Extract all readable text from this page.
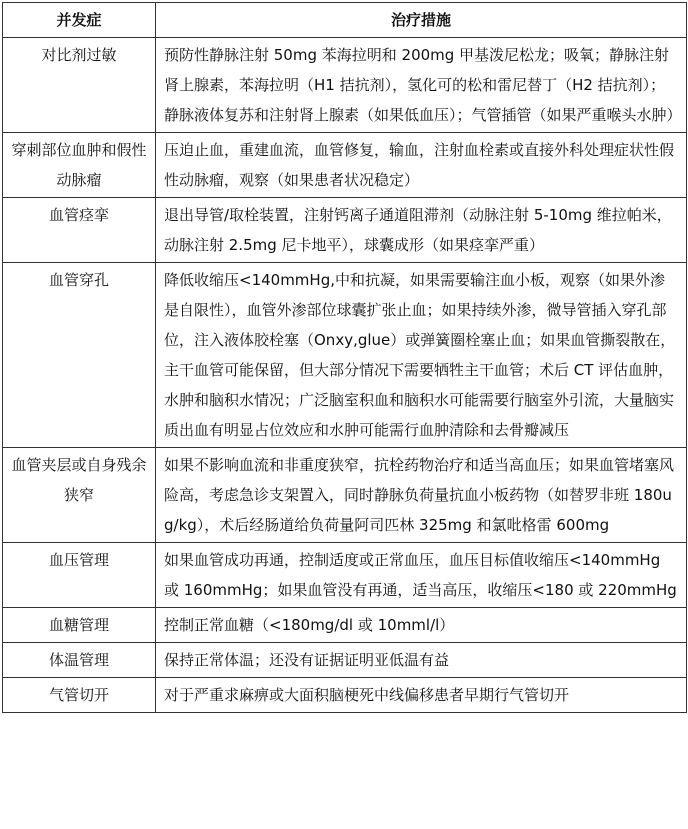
并发症	治疗措施
对比剂过敏	预防性静脉注射 50mg 苯海拉明和 200mg 甲基泼尼松龙；吸氧；静脉注射肾上腺素，苯海拉明（H1 拮抗剂），氢化可的松和雷尼替丁（H2 拮抗剂）；静脉液体复苏和注射肾上腺素（如果低血压）；气管插管（如果严重喉头水肿）
穿刺部位血肿和假性动脉瘤	压迫止血，重建血流，血管修复，输血，注射血栓素或直接外科处理症状性假性动脉瘤，观察（如果患者状况稳定）
血管痉挛	退出导管/取栓装置，注射钙离子通道阻滞剂（动脉注射 5-10mg 维拉帕米，动脉注射 2.5mg 尼卡地平），球囊成形（如果痉挛严重）
血管穿孔	降低收缩压<140mmHg,中和抗凝，如果需要输注血小板，观察（如果外渗是自限性），血管外渗部位球囊扩张止血；如果持续外渗，微导管插入穿孔部位，注入液体胶栓塞（Onxy,glue）或弹簧圈栓塞止血；如果血管撕裂散在，主干血管可能保留，但大部分情况下需要牺牲主干血管；术后 CT 评估血肿，水肿和脑积水情况；广泛脑室积血和脑积水可能需要行脑室外引流，大量脑实质出血有明显占位效应和水肿可能需行血肿清除和去骨瓣减压
血管夹层或自身残余狭窄	如果不影响血流和非重度狭窄，抗栓药物治疗和适当高血压；如果血管堵塞风险高，考虑急诊支架置入，同时静脉负荷量抗血小板药物（如替罗非班 180ug/kg），术后经肠道给负荷量阿司匹林 325mg 和氯吡格雷 600mg
血压管理	如果血管成功再通，控制适度或正常血压，血压目标值收缩压<140mmHg 或 160mmHg；如果血管没有再通，适当高压，收缩压<180 或 220mmHg
血糖管理	控制正常血糖（<180mg/dl 或 10mml/l）
体温管理	保持正常体温；还没有证据证明亚低温有益
气管切开	对于严重求麻痹或大面积脑梗死中线偏移患者早期行气管切开
